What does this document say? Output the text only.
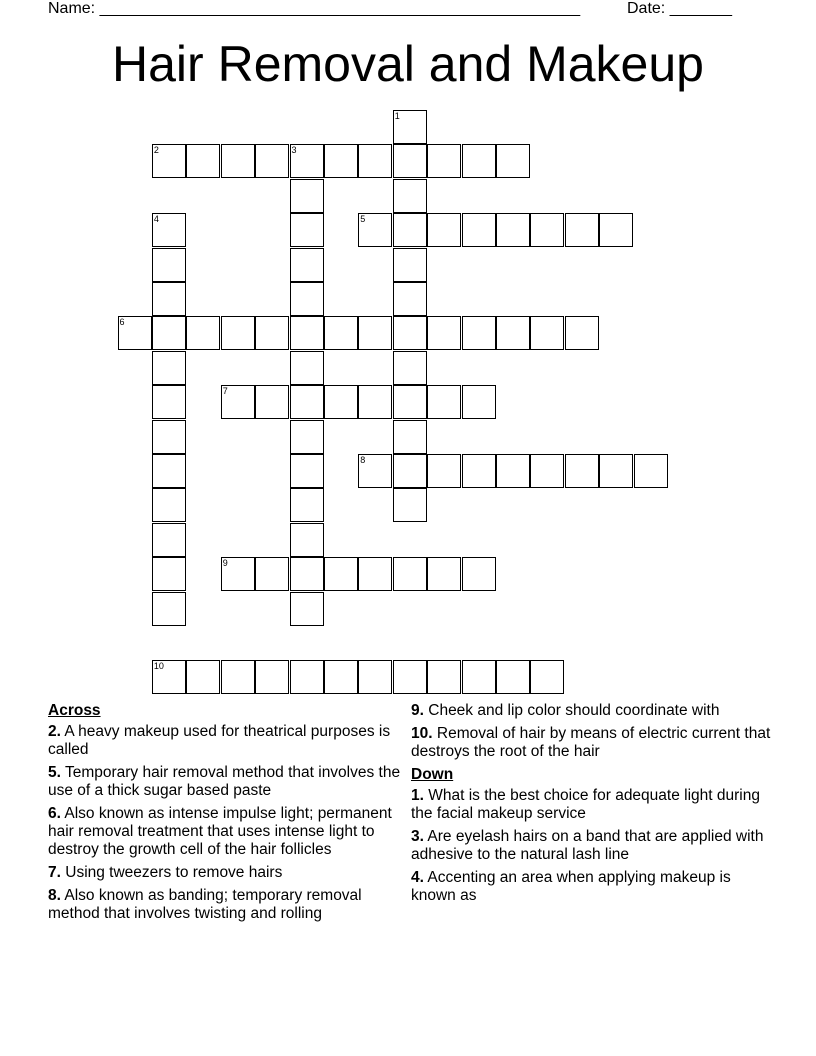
Name: ______________________________________________________	Date: _______
Hair Removal and Makeup
1
2	3
4	5
6
7
8
9
10
Across
2. A heavy makeup used for theatrical purposes is called
5. Temporary hair removal method that involves the use of a thick sugar based paste
6. Also known as intense impulse light; permanent hair removal treatment that uses intense light to destroy the growth cell of the hair follicles
7. Using tweezers to remove hairs
8. Also known as banding; temporary removal method that involves twisting and rolling
9. Cheek and lip color should coordinate with
10. Removal of hair by means of electric current that destroys the root of the hair
Down
1. What is the best choice for adequate light during the facial makeup service
3. Are eyelash hairs on a band that are applied with adhesive to the natural lash line
4. Accenting an area when applying makeup is known as
